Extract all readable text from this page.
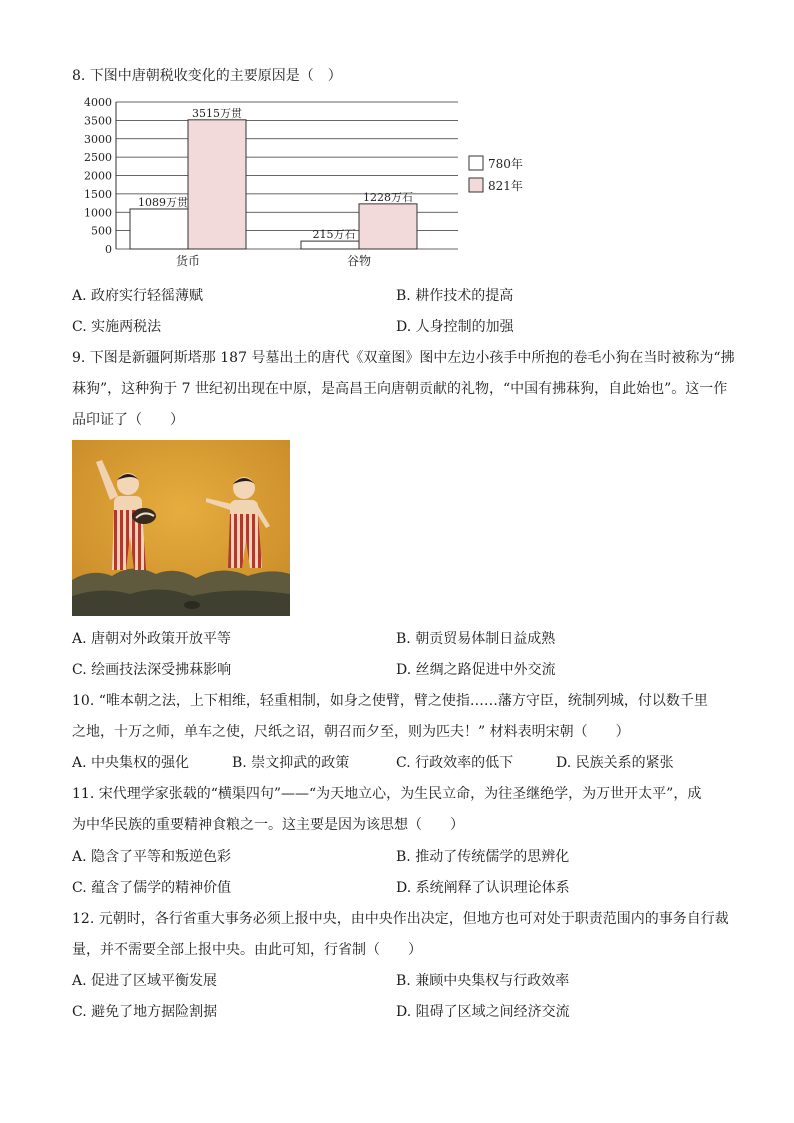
8. 下图中唐朝税收变化的主要原因是（　）
0
500
1000
1500
2000
2500
3000
3500
4000
1089万贯
3515万贯
货币
215万石
1228万石
谷物
780年
821年
A. 政府实行轻徭薄赋	B. 耕作技术的提高
C. 实施两税法	D. 人身控制的加强
9. 下图是新疆阿斯塔那 187 号墓出土的唐代《双童图》图中左边小孩手中所抱的卷毛小狗在当时被称为“拂
菻狗”，这种狗于 7 世纪初出现在中原，是高昌王向唐朝贡献的礼物，“中国有拂菻狗，自此始也”。这一作
品印证了（　　）
A. 唐朝对外政策开放平等	B. 朝贡贸易体制日益成熟
C. 绘画技法深受拂菻影响	D. 丝绸之路促进中外交流
10. “唯本朝之法，上下相维，轻重相制，如身之使臂，臂之使指……藩方守臣，统制列城，付以数千里
之地，十万之师，单车之使，尺纸之诏，朝召而夕至，则为匹夫！” 材料表明宋朝（　　）
A. 中央集权的强化	B. 崇文抑武的政策	C. 行政效率的低下	D. 民族关系的紧张
11. 宋代理学家张载的“横渠四句”——“为天地立心，为生民立命，为往圣继绝学，为万世开太平”，成
为中华民族的重要精神食粮之一。这主要是因为该思想（　　）
A. 隐含了平等和叛逆色彩	B. 推动了传统儒学的思辨化
C. 蕴含了儒学的精神价值	D. 系统阐释了认识理论体系
12. 元朝时，各行省重大事务必须上报中央，由中央作出决定，但地方也可对处于职责范围内的事务自行裁
量，并不需要全部上报中央。由此可知，行省制（　　）
A. 促进了区域平衡发展	B. 兼顾中央集权与行政效率
C. 避免了地方据险割据	D. 阻碍了区域之间经济交流
